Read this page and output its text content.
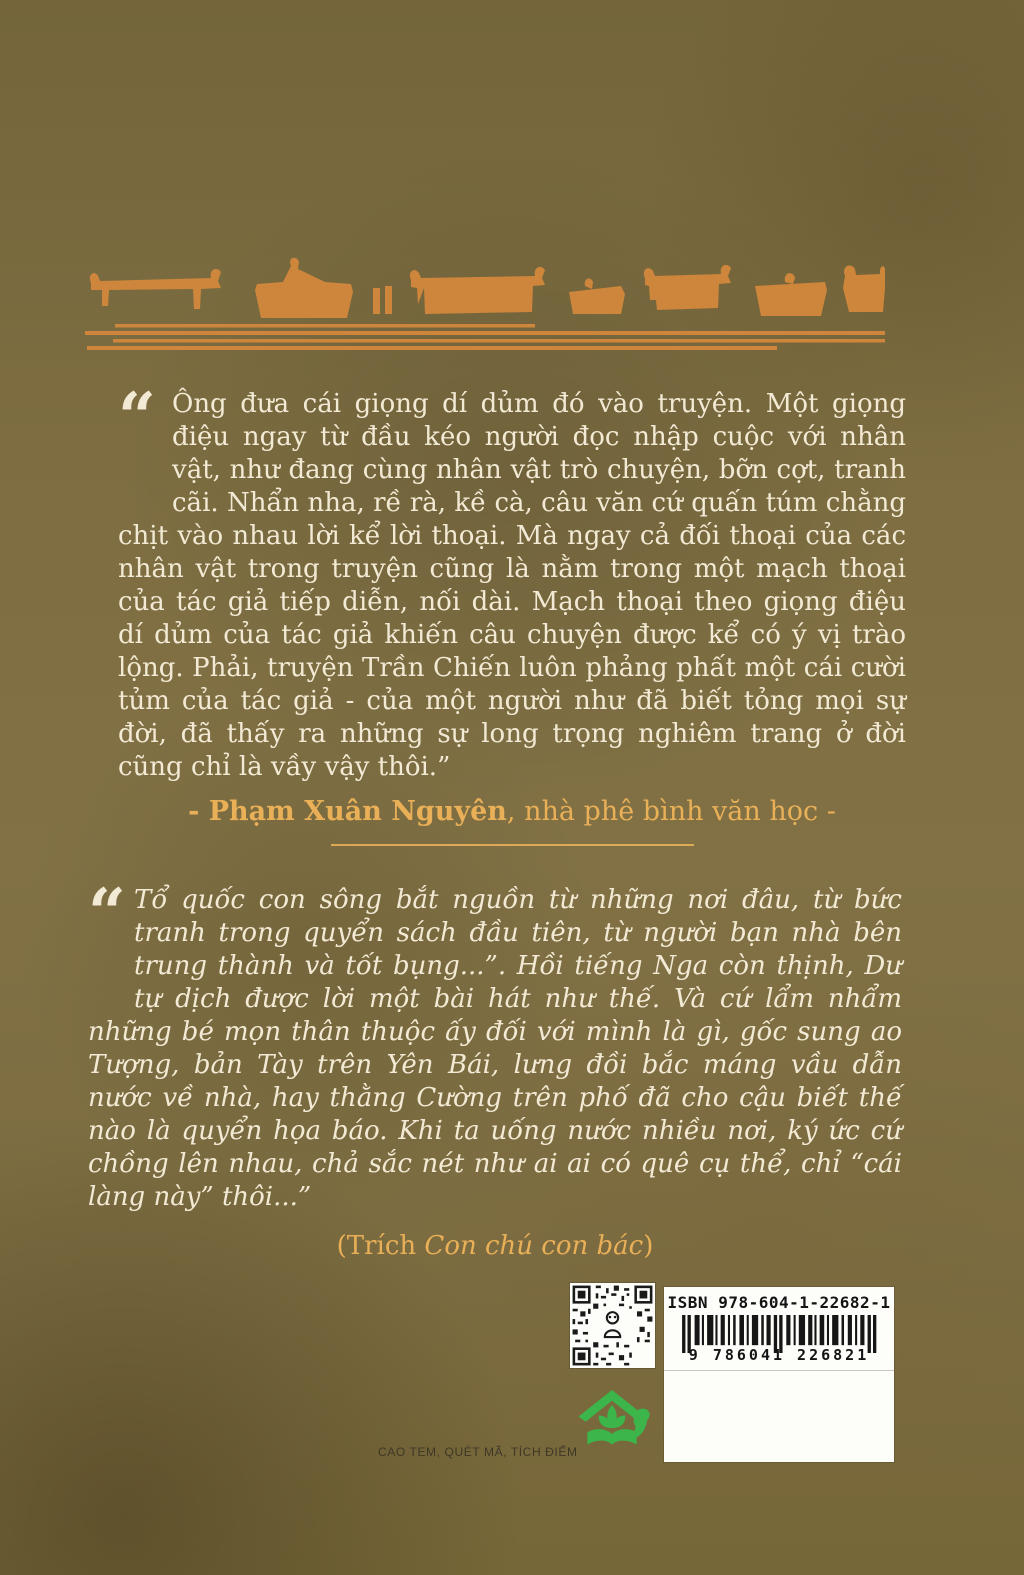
“ Ông đưa cái giọng dí dủm đó vào truyện. Một giọng điệu ngay từ đầu kéo người đọc nhập cuộc với nhân vật, như đang cùng nhân vật trò chuyện, bỡn cợt, tranh cãi. Nhẩn nha, rề rà, kề cà, câu văn cứ quấn túm chằng chịt vào nhau lời kể lời thoại. Mà ngay cả đối thoại của các nhân vật trong truyện cũng là nằm trong một mạch thoại của tác giả tiếp diễn, nối dài. Mạch thoại theo giọng điệu dí dủm của tác giả khiến câu chuyện được kể có ý vị trào lộng. Phải, truyện Trần Chiến luôn phảng phất một cái cười tủm của tác giả - của một người như đã biết tỏng mọi sự đời, đã thấy ra những sự long trọng nghiêm trang ở đời cũng chỉ là vầy vậy thôi.”
- Phạm Xuân Nguyên, nhà phê bình văn học -
“ Tổ quốc con sông bắt nguồn từ những nơi đâu, từ bức tranh trong quyển sách đầu tiên, từ người bạn nhà bên trung thành và tốt bụng...”. Hồi tiếng Nga còn thịnh, Dư tự dịch được lời một bài hát như thế. Và cứ lẩm nhẩm những bé mọn thân thuộc ấy đối với mình là gì, gốc sung ao Tượng, bản Tày trên Yên Bái, lưng đồi bắc máng vầu dẫn nước về nhà, hay thằng Cường trên phố đã cho cậu biết thế nào là quyển họa báo. Khi ta uống nước nhiều nơi, ký ức cứ chồng lên nhau, chả sắc nét như ai ai có quê cụ thể, chỉ “cái làng này” thôi...”
(Trích Con chú con bác)
ISBN 978-604-1-22682-1
9 786041 226821
CAO TEM, QUÉT MÃ, TÍCH ĐIỂM
